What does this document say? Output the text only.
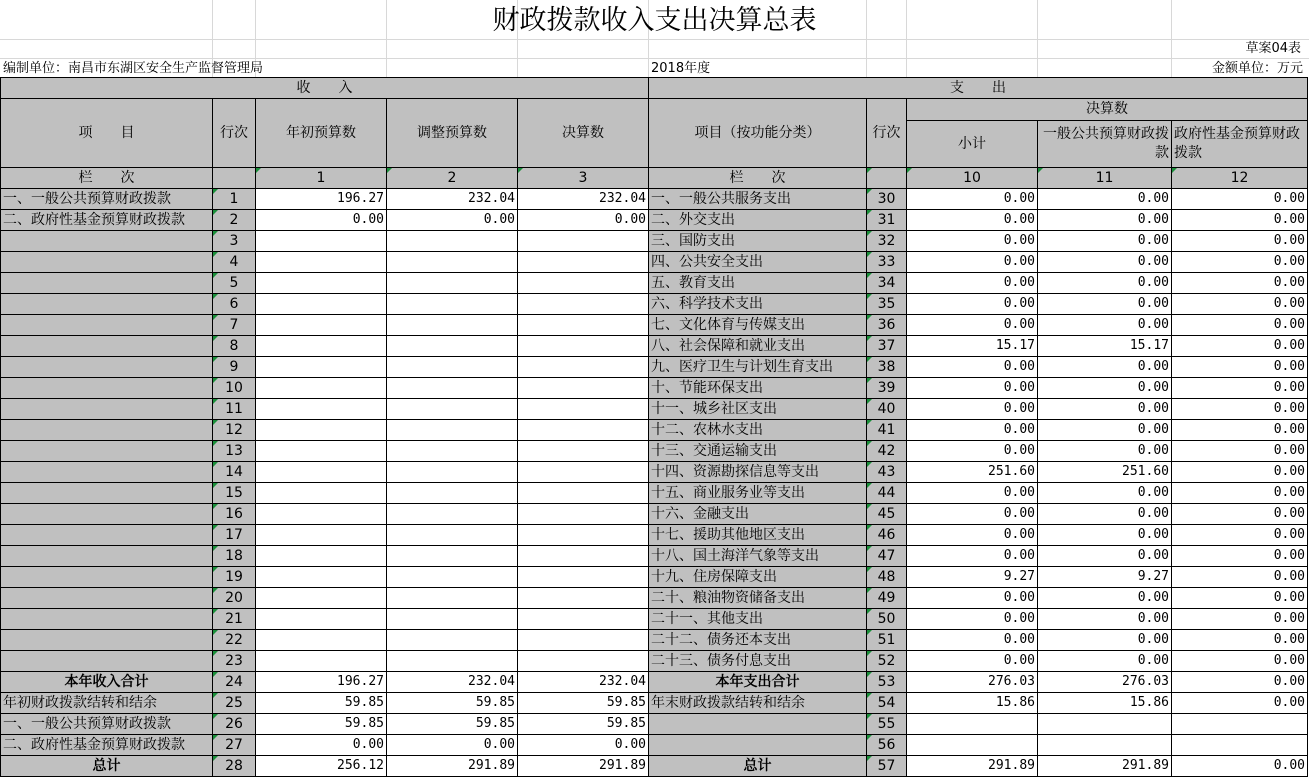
财政拨款收入支出决算总表
草案04表
编制单位：南昌市东湖区安全生产监督管理局	2018年度	金额单位：万元
收　　入					支　　出				
项　　目	行次	年初预算数	调整预算数	决算数	项目（按功能分类）	行次	决算数		
							小计	一般公共预算财政拨款	政府性基金预算财政拨款
栏　　次		1	2	3	栏　　次		10	11	12
一、一般公共预算财政拨款	1	196.27	232.04	232.04	一、一般公共服务支出	30	0.00	0.00	0.00
二、政府性基金预算财政拨款	2	0.00	0.00	0.00	二、外交支出	31	0.00	0.00	0.00
	3				三、国防支出	32	0.00	0.00	0.00
	4				四、公共安全支出	33	0.00	0.00	0.00
	5				五、教育支出	34	0.00	0.00	0.00
	6				六、科学技术支出	35	0.00	0.00	0.00
	7				七、文化体育与传媒支出	36	0.00	0.00	0.00
	8				八、社会保障和就业支出	37	15.17	15.17	0.00
	9				九、医疗卫生与计划生育支出	38	0.00	0.00	0.00
	10				十、节能环保支出	39	0.00	0.00	0.00
	11				十一、城乡社区支出	40	0.00	0.00	0.00
	12				十二、农林水支出	41	0.00	0.00	0.00
	13				十三、交通运输支出	42	0.00	0.00	0.00
	14				十四、资源勘探信息等支出	43	251.60	251.60	0.00
	15				十五、商业服务业等支出	44	0.00	0.00	0.00
	16				十六、金融支出	45	0.00	0.00	0.00
	17				十七、援助其他地区支出	46	0.00	0.00	0.00
	18				十八、国土海洋气象等支出	47	0.00	0.00	0.00
	19				十九、住房保障支出	48	9.27	9.27	0.00
	20				二十、粮油物资储备支出	49	0.00	0.00	0.00
	21				二十一、其他支出	50	0.00	0.00	0.00
	22				二十二、债务还本支出	51	0.00	0.00	0.00
	23				二十三、债务付息支出	52	0.00	0.00	0.00
本年收入合计	24	196.27	232.04	232.04	本年支出合计	53	276.03	276.03	0.00
年初财政拨款结转和结余	25	59.85	59.85	59.85	年末财政拨款结转和结余	54	15.86	15.86	0.00
一、一般公共预算财政拨款	26	59.85	59.85	59.85		55			
二、政府性基金预算财政拨款	27	0.00	0.00	0.00		56			
总计	28	256.12	291.89	291.89	总计	57	291.89	291.89	0.00
